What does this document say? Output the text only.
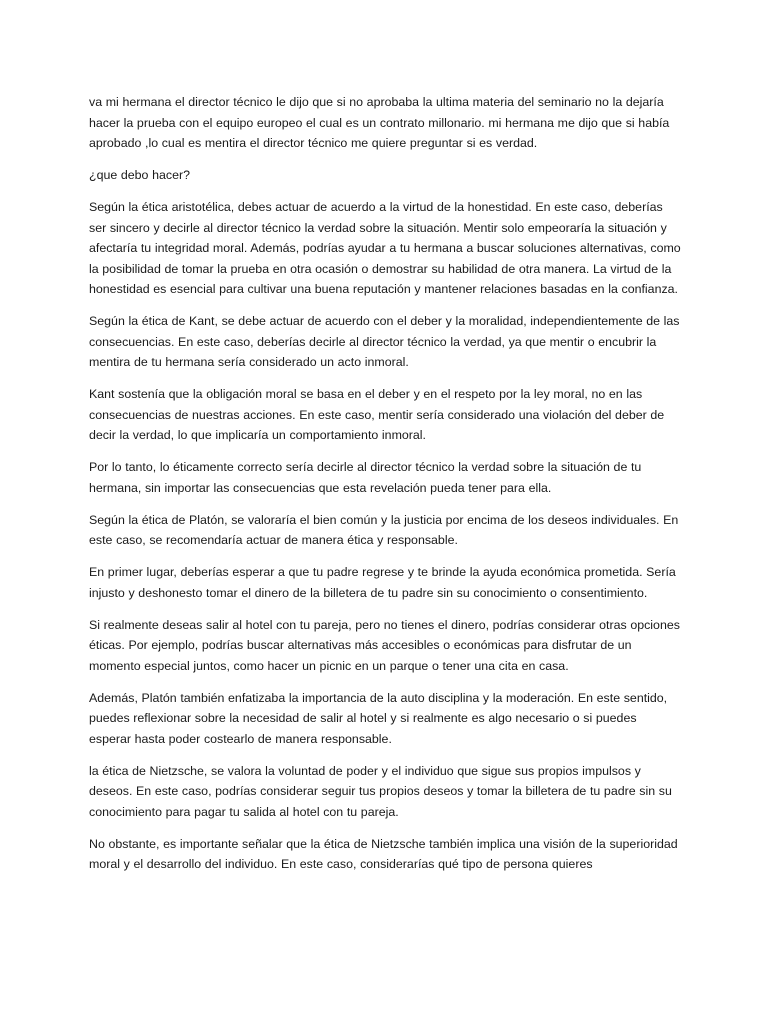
va mi hermana el director técnico le dijo que si no aprobaba la ultima materia del seminario no la dejaría hacer la prueba con el equipo europeo el cual es un contrato millonario. mi hermana me dijo que si había aprobado ,lo cual es mentira el director técnico me quiere preguntar si es verdad.

¿que debo hacer?

Según la ética aristotélica, debes actuar de acuerdo a la virtud de la honestidad. En este caso, deberías ser sincero y decirle al director técnico la verdad sobre la situación. Mentir solo empeoraría la situación y afectaría tu integridad moral. Además, podrías ayudar a tu hermana a buscar soluciones alternativas, como la posibilidad de tomar la prueba en otra ocasión o demostrar su habilidad de otra manera. La virtud de la honestidad es esencial para cultivar una buena reputación y mantener relaciones basadas en la confianza.

Según la ética de Kant, se debe actuar de acuerdo con el deber y la moralidad, independientemente de las consecuencias. En este caso, deberías decirle al director técnico la verdad, ya que mentir o encubrir la mentira de tu hermana sería considerado un acto inmoral.

Kant sostenía que la obligación moral se basa en el deber y en el respeto por la ley moral, no en las consecuencias de nuestras acciones. En este caso, mentir sería considerado una violación del deber de decir la verdad, lo que implicaría un comportamiento inmoral.

Por lo tanto, lo éticamente correcto sería decirle al director técnico la verdad sobre la situación de tu hermana, sin importar las consecuencias que esta revelación pueda tener para ella.

Según la ética de Platón, se valoraría el bien común y la justicia por encima de los deseos individuales. En este caso, se recomendaría actuar de manera ética y responsable.

En primer lugar, deberías esperar a que tu padre regrese y te brinde la ayuda económica prometida. Sería injusto y deshonesto tomar el dinero de la billetera de tu padre sin su conocimiento o consentimiento.

Si realmente deseas salir al hotel con tu pareja, pero no tienes el dinero, podrías considerar otras opciones éticas. Por ejemplo, podrías buscar alternativas más accesibles o económicas para disfrutar de un momento especial juntos, como hacer un picnic en un parque o tener una cita en casa.

Además, Platón también enfatizaba la importancia de la auto disciplina y la moderación. En este sentido, puedes reflexionar sobre la necesidad de salir al hotel y si realmente es algo necesario o si puedes esperar hasta poder costearlo de manera responsable.

la ética de Nietzsche, se valora la voluntad de poder y el individuo que sigue sus propios impulsos y deseos. En este caso, podrías considerar seguir tus propios deseos y tomar la billetera de tu padre sin su conocimiento para pagar tu salida al hotel con tu pareja.

No obstante, es importante señalar que la ética de Nietzsche también implica una visión de la superioridad moral y el desarrollo del individuo. En este caso, considerarías qué tipo de persona quieres
